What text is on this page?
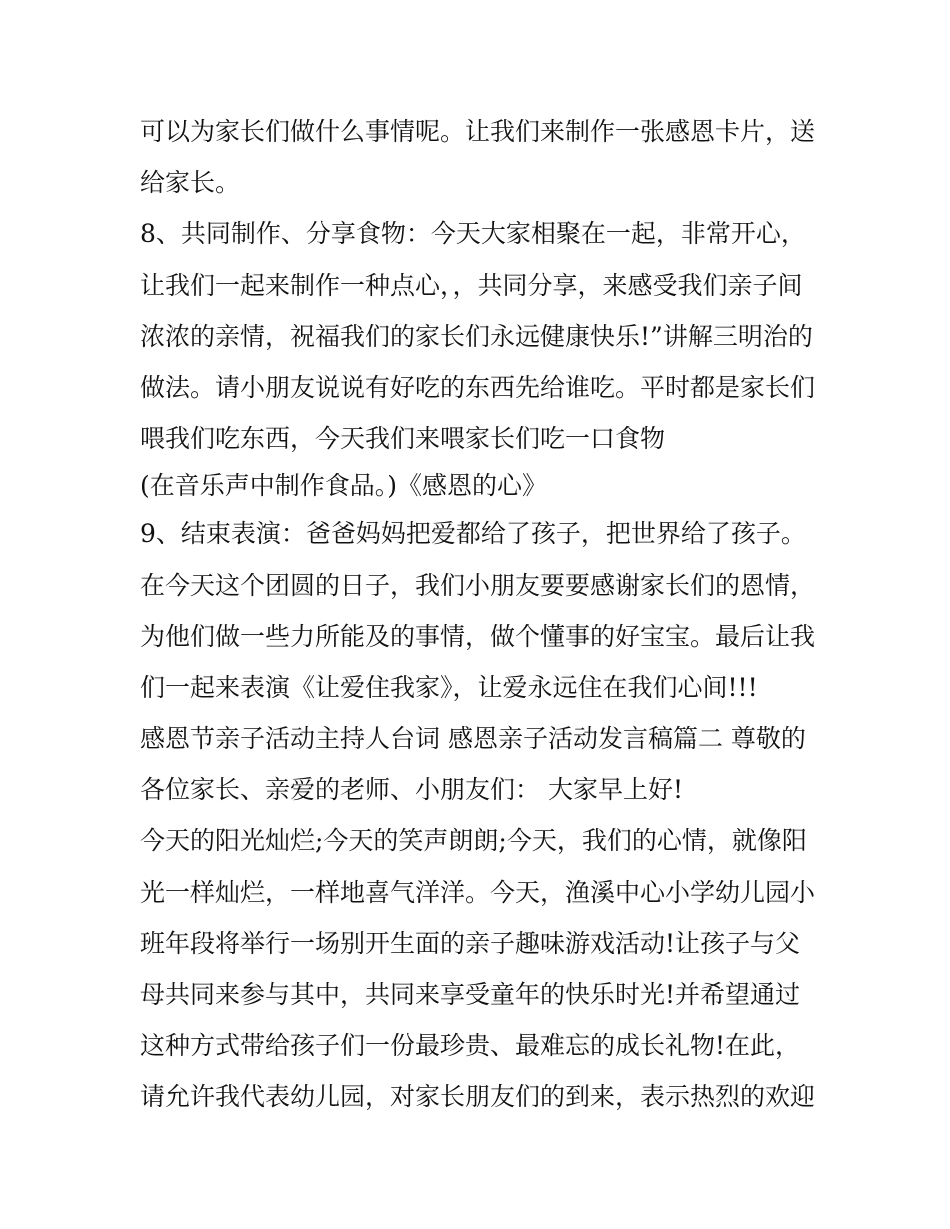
可以为家长们做什么事情呢。让我们来制作一张感恩卡片，送
给家长。
8、共同制作、分享食物：今天大家相聚在一起，非常开心，
让我们一起来制作一种点心，，共同分享，来感受我们亲子间
浓浓的亲情，祝福我们的家长们永远健康快乐!”讲解三明治的
做法。请小朋友说说有好吃的东西先给谁吃。平时都是家长们
喂我们吃东西，今天我们来喂家长们吃一口食物
(在音乐声中制作食品。)《感恩的心》
9、结束表演：爸爸妈妈把爱都给了孩子，把世界给了孩子。
在今天这个团圆的日子，我们小朋友要要感谢家长们的恩情，
为他们做一些力所能及的事情，做个懂事的好宝宝。最后让我
们一起来表演《让爱住我家》，让爱永远住在我们心间!!!
感恩节亲子活动主持人台词 感恩亲子活动发言稿篇二 尊敬的
各位家长、亲爱的老师、小朋友们： 大家早上好!
今天的阳光灿烂;今天的笑声朗朗;今天，我们的心情，就像阳
光一样灿烂，一样地喜气洋洋。今天，渔溪中心小学幼儿园小
班年段将举行一场别开生面的亲子趣味游戏活动!让孩子与父
母共同来参与其中，共同来享受童年的快乐时光!并希望通过
这种方式带给孩子们一份最珍贵、最难忘的成长礼物!在此，
请允许我代表幼儿园，对家长朋友们的到来，表示热烈的欢迎
